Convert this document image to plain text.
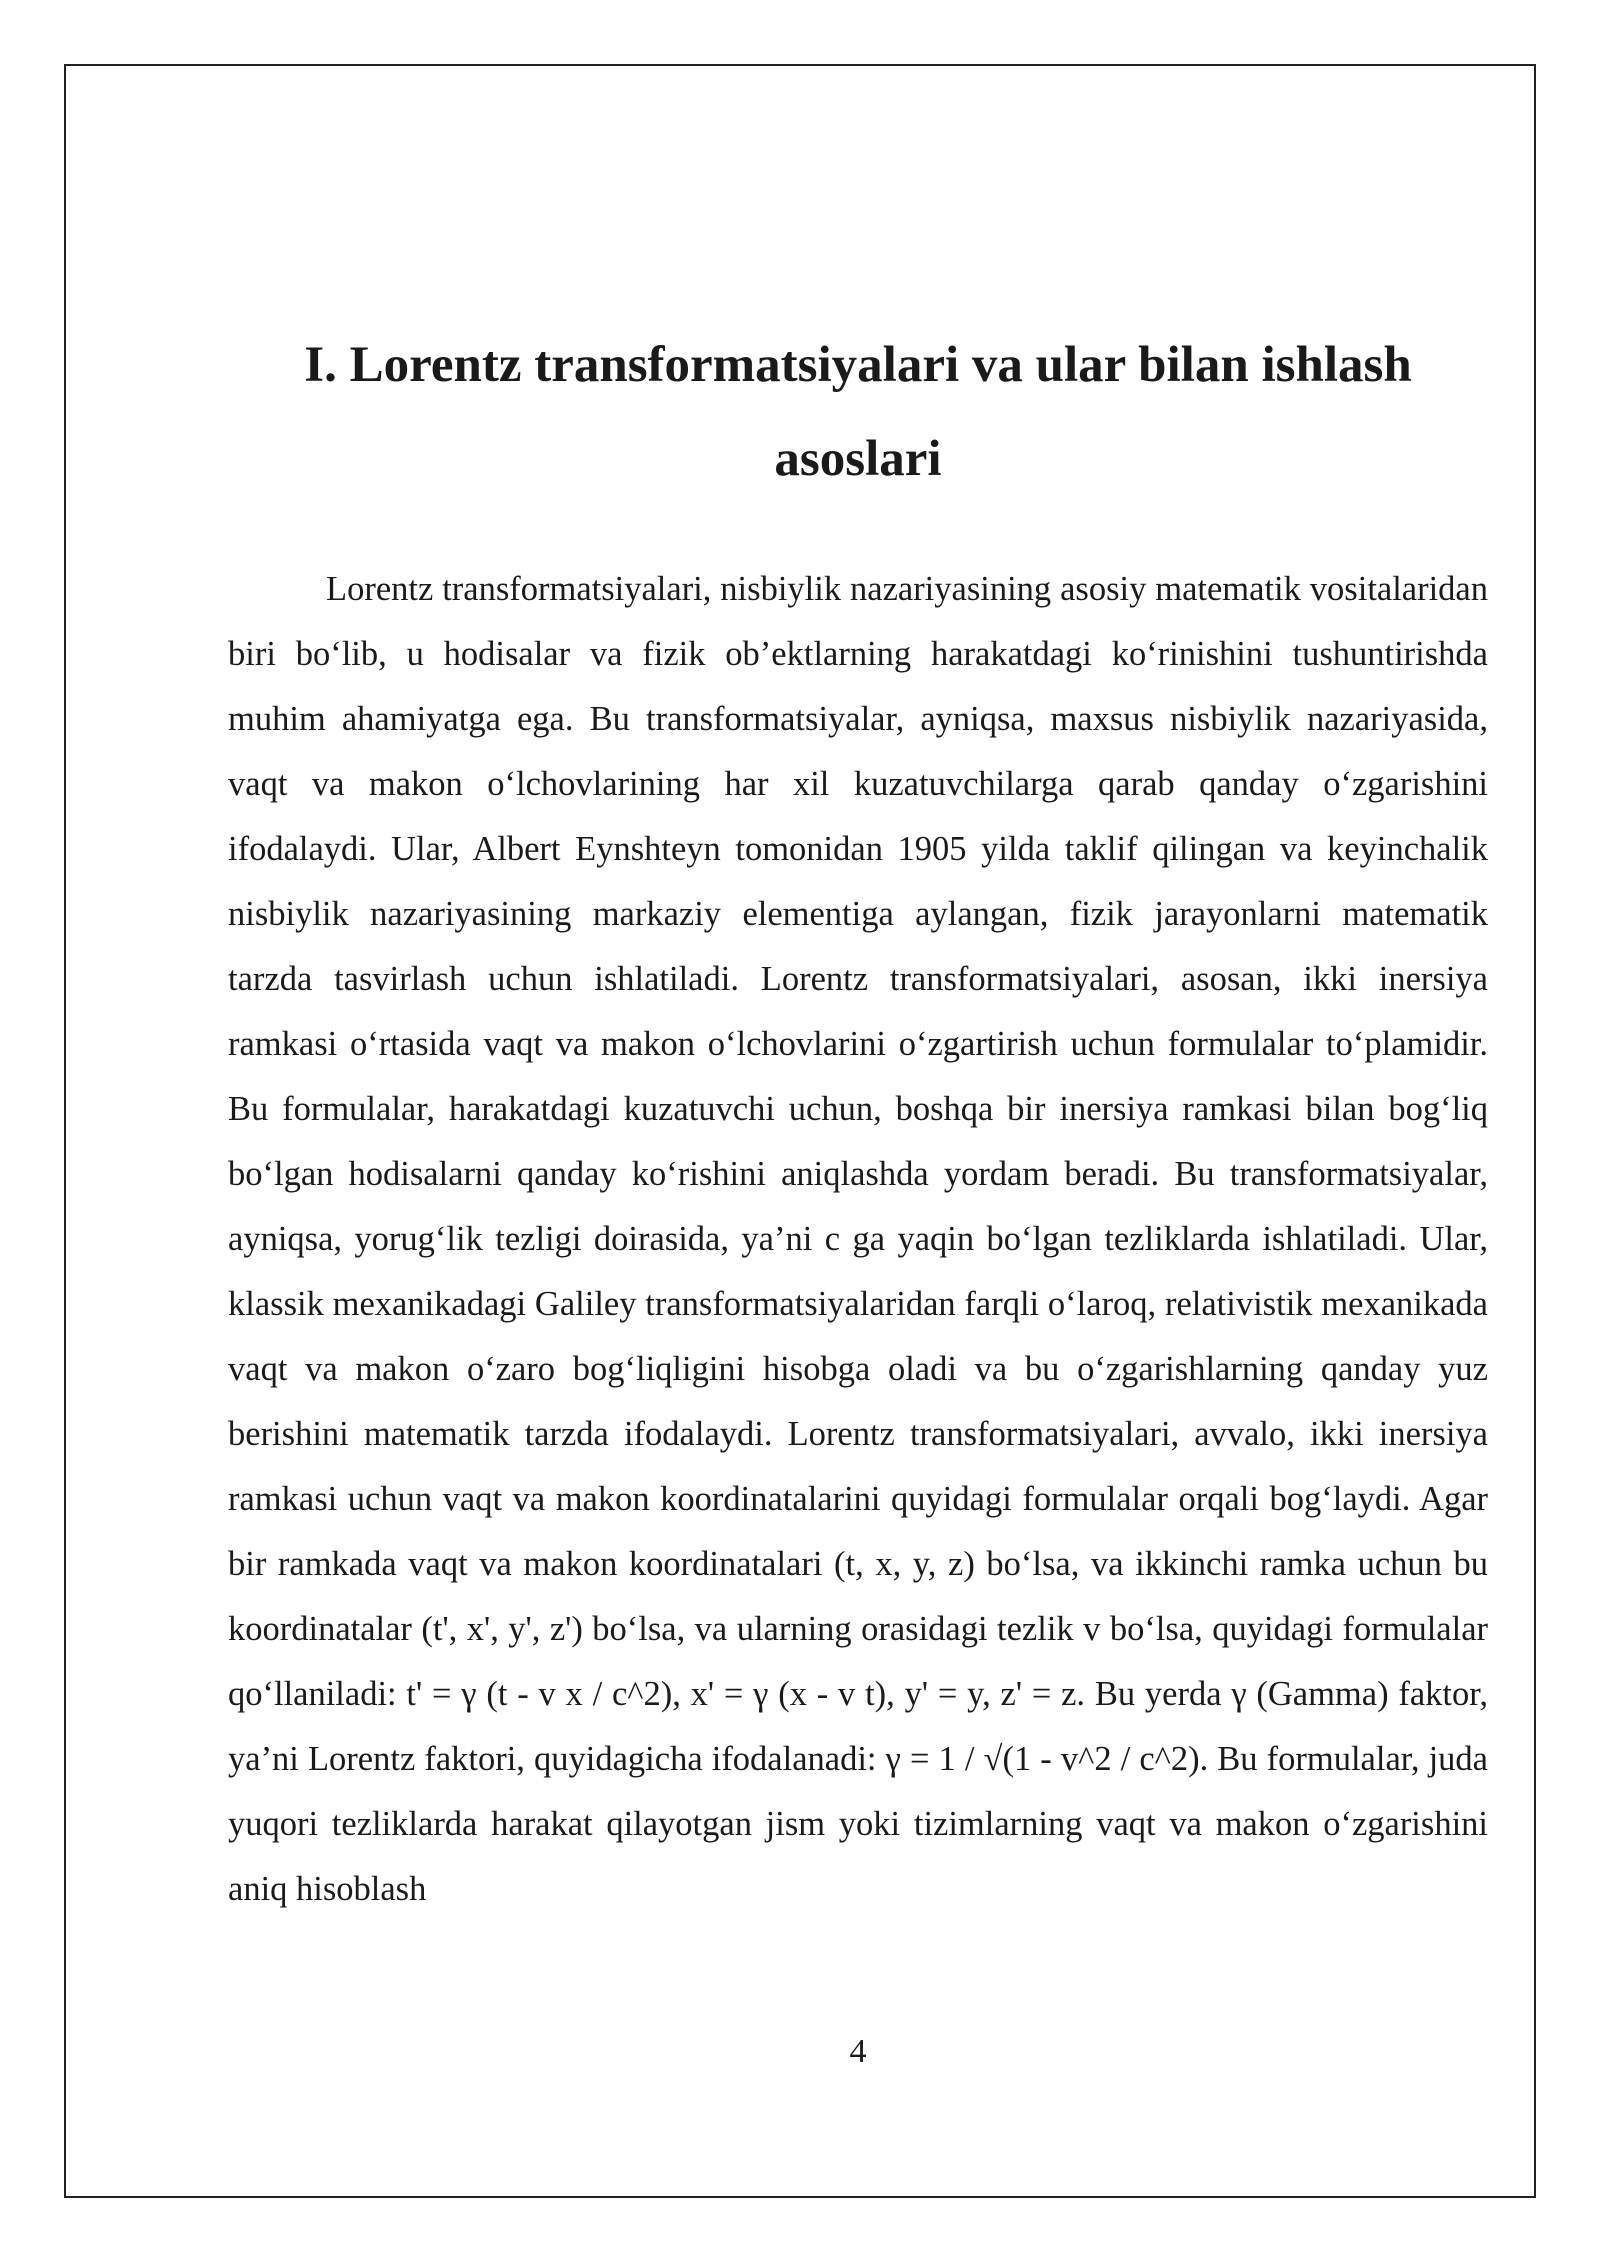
I. Lorentz transformatsiyalari va ular bilan ishlash asoslari

Lorentz transformatsiyalari, nisbiylik nazariyasining asosiy matematik vositalaridan biri bo‘lib, u hodisalar va fizik ob’ektlarning harakatdagi ko‘rinishini tushuntirishda muhim ahamiyatga ega. Bu transformatsiyalar, ayniqsa, maxsus nisbiylik nazariyasida, vaqt va makon o‘lchovlarining har xil kuzatuvchilarga qarab qanday o‘zgarishini ifodalaydi. Ular, Albert Eynshteyn tomonidan 1905 yilda taklif qilingan va keyinchalik nisbiylik nazariyasining markaziy elementiga aylangan, fizik jarayonlarni matematik tarzda tasvirlash uchun ishlatiladi. Lorentz transformatsiyalari, asosan, ikki inersiya ramkasi o‘rtasida vaqt va makon o‘lchovlarini o‘zgartirish uchun formulalar to‘plamidir. Bu formulalar, harakatdagi kuzatuvchi uchun, boshqa bir inersiya ramkasi bilan bog‘liq bo‘lgan hodisalarni qanday ko‘rishini aniqlashda yordam beradi. Bu transformatsiyalar, ayniqsa, yorug‘lik tezligi doirasida, ya’ni c ga yaqin bo‘lgan tezliklarda ishlatiladi. Ular, klassik mexanikadagi Galiley transformatsiyalaridan farqli o‘laroq, relativistik mexanikada vaqt va makon o‘zaro bog‘liqligini hisobga oladi va bu o‘zgarishlarning qanday yuz berishini matematik tarzda ifodalaydi. Lorentz transformatsiyalari, avvalo, ikki inersiya ramkasi uchun vaqt va makon koordinatalarini quyidagi formulalar orqali bog‘laydi. Agar bir ramkada vaqt va makon koordinatalari (t, x, y, z) bo‘lsa, va ikkinchi ramka uchun bu koordinatalar (t', x', y', z') bo‘lsa, va ularning orasidagi tezlik v bo‘lsa, quyidagi formulalar qo‘llaniladi: t' = γ (t - v x / c^2), x' = γ (x - v t), y' = y, z' = z. Bu yerda γ (Gamma) faktor, ya’ni Lorentz faktori, quyidagicha ifodalanadi: γ = 1 / √(1 - v^2 / c^2). Bu formulalar, juda yuqori tezliklarda harakat qilayotgan jism yoki tizimlarning vaqt va makon o‘zgarishini aniq hisoblash

4
